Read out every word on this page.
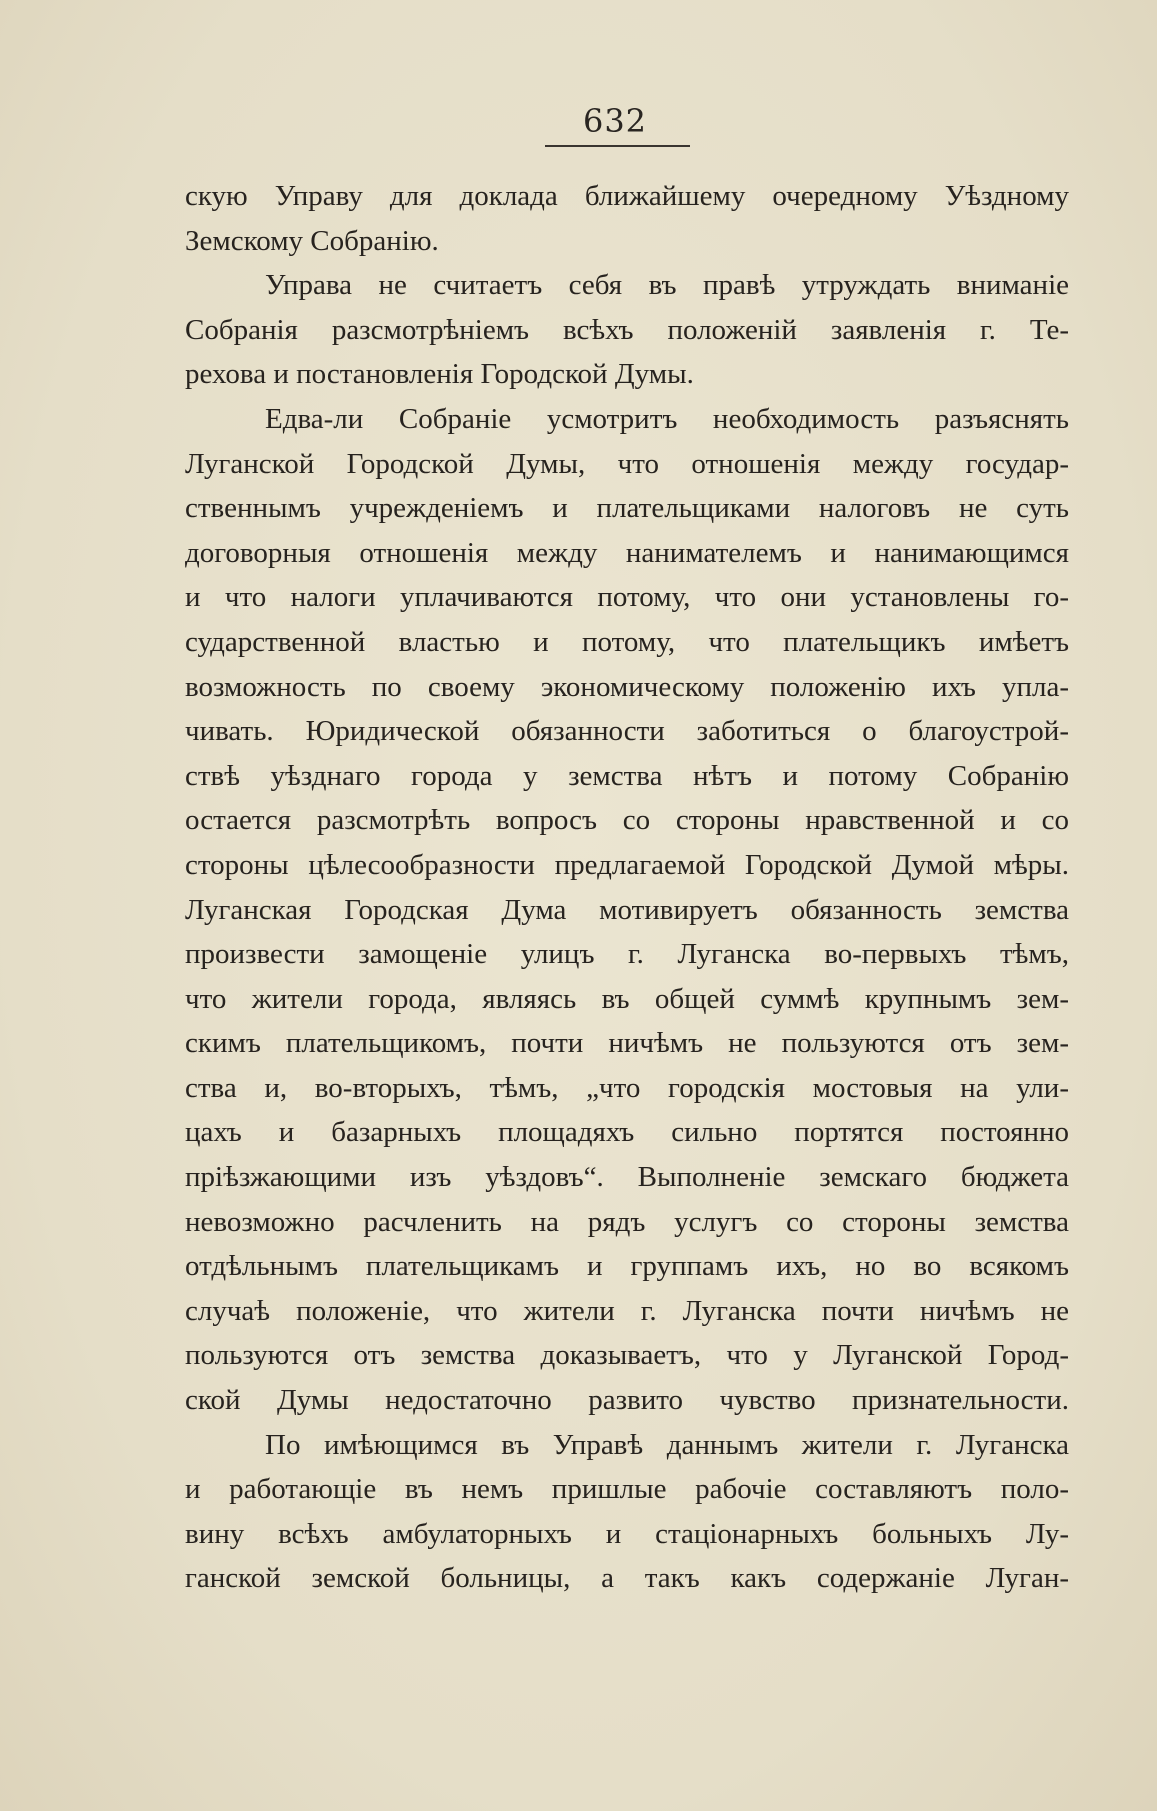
632
скую Управу для доклада ближайшему очередному Уѣздному
Земскому Собранію.
Управа не считаетъ себя въ правѣ утруждать вниманіе
Собранія разсмотрѣніемъ всѣхъ положеній заявленія г. Те-
рехова и постановленія Городской Думы.
Едва-ли Собраніе усмотритъ необходимость разъяснять
Луганской Городской Думы, что отношенія между государ-
ственнымъ учрежденіемъ и плательщиками налоговъ не суть
договорныя отношенія между нанимателемъ и нанимающимся
и что налоги уплачиваются потому, что они установлены го-
сударственной властью и потому, что плательщикъ имѣетъ
возможность по своему экономическому положенію ихъ упла-
чивать. Юридической обязанности заботиться о благоустрой-
ствѣ уѣзднаго города у земства нѣтъ и потому Собранію
остается разсмотрѣть вопросъ со стороны нравственной и со
стороны цѣлесообразности предлагаемой Городской Думой мѣры.
Луганская Городская Дума мотивируетъ обязанность земства
произвести замощеніе улицъ г. Луганска во-первыхъ тѣмъ,
что жители города, являясь въ общей суммѣ крупнымъ зем-
скимъ плательщикомъ, почти ничѣмъ не пользуются отъ зем-
ства и, во-вторыхъ, тѣмъ, „что городскія мостовыя на ули-
цахъ и базарныхъ площадяхъ сильно портятся постоянно
пріѣзжающими изъ уѣздовъ“. Выполненіе земскаго бюджета
невозможно расчленить на рядъ услугъ со стороны земства
отдѣльнымъ плательщикамъ и группамъ ихъ, но во всякомъ
случаѣ положеніе, что жители г. Луганска почти ничѣмъ не
пользуются отъ земства доказываетъ, что у Луганской Город-
ской Думы недостаточно развито чувство признательности.
По имѣющимся въ Управѣ даннымъ жители г. Луганска
и работающіе въ немъ пришлые рабочіе составляютъ поло-
вину всѣхъ амбулаторныхъ и стаціонарныхъ больныхъ Лу-
ганской земской больницы, а такъ какъ содержаніе Луган-
